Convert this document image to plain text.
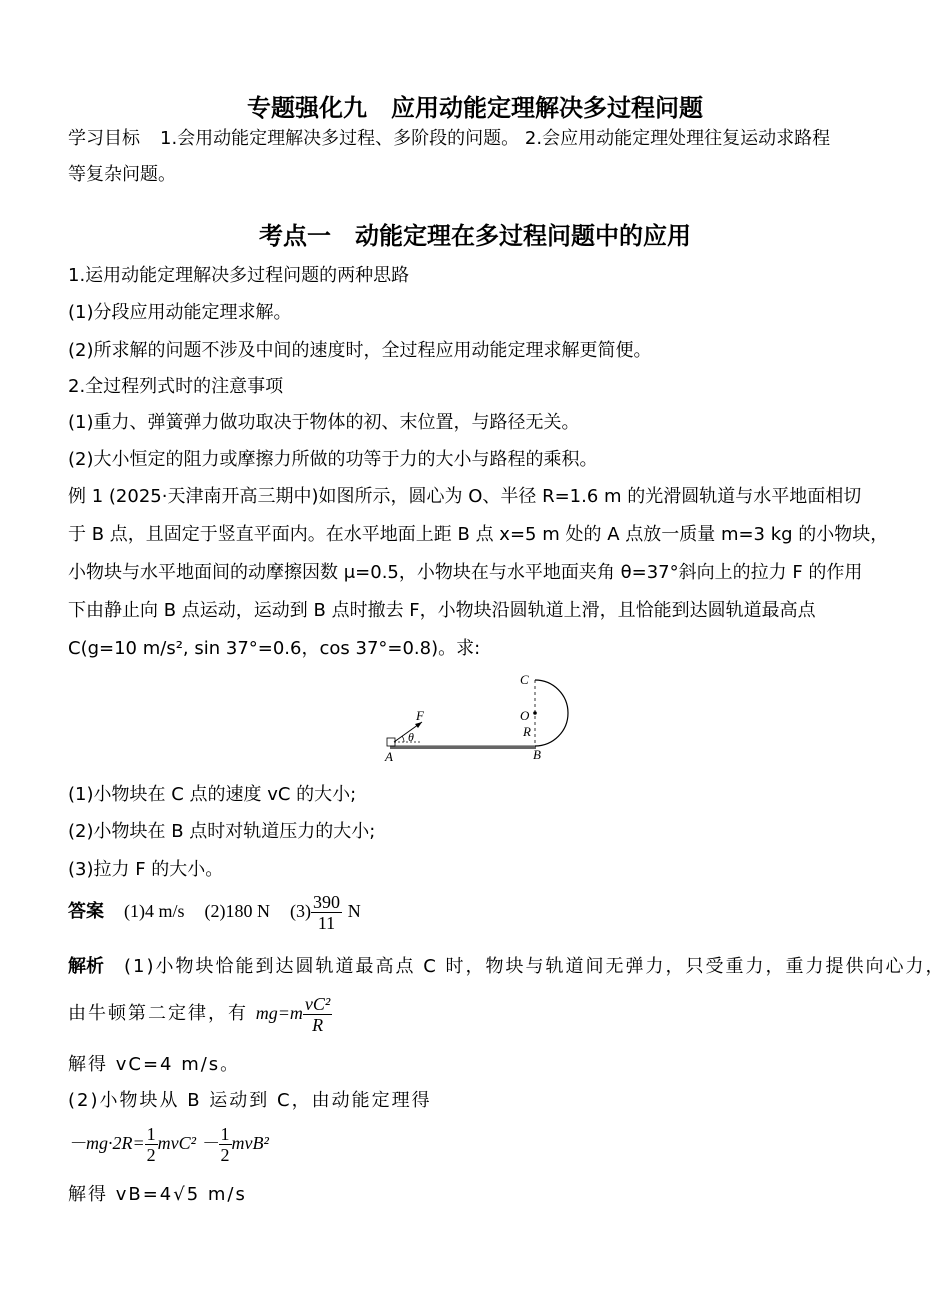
专题强化九　应用动能定理解决多过程问题
学习目标 1.会用动能定理解决多过程、多阶段的问题。 2.会应用动能定理处理往复运动求路程
等复杂问题。
考点一　动能定理在多过程问题中的应用
1.运用动能定理解决多过程问题的两种思路
(1)分段应用动能定理求解。
(2)所求解的问题不涉及中间的速度时，全过程应用动能定理求解更简便。
2.全过程列式时的注意事项
(1)重力、弹簧弹力做功取决于物体的初、末位置，与路径无关。
(2)大小恒定的阻力或摩擦力所做的功等于力的大小与路程的乘积。
例 1 (2025·天津南开高三期中)如图所示，圆心为 O、半径 R=1.6 m 的光滑圆轨道与水平地面相切
于 B 点，且固定于竖直平面内。在水平地面上距 B 点 x=5 m 处的 A 点放一质量 m=3 kg 的小物块，
小物块与水平地面间的动摩擦因数 μ=0.5，小物块在与水平地面夹角 θ=37°斜向上的拉力 F 的作用
下由静止向 B 点运动，运动到 B 点时撤去 F，小物块沿圆轨道上滑，且恰能到达圆轨道最高点
C(g=10 m/s², sin 37°=0.6，cos 37°=0.8)。求:
C
O
R
F
θ
A	B
(1)小物块在 C 点的速度 vC 的大小;
(2)小物块在 B 点时对轨道压力的大小;
(3)拉力 F 的大小。
答案 (1)4 m/s (2)180 N $(3) \frac{390}{11}$ N
解析 (1)小物块恰能到达圆轨道最高点 C 时，物块与轨道间无弹力，只受重力，重力提供向心力，
由牛顿第二定律，有 $mg=m \frac{\text{vC²}}{R}$
解得 vC=4 m/s。
(2)小物块从 B 运动到 C，由动能定理得
$-mg\cdot 2R= \frac{1}{2} mvC^2 - \frac{1}{2} mvB^2$
解得 vB=4√5 m/s
